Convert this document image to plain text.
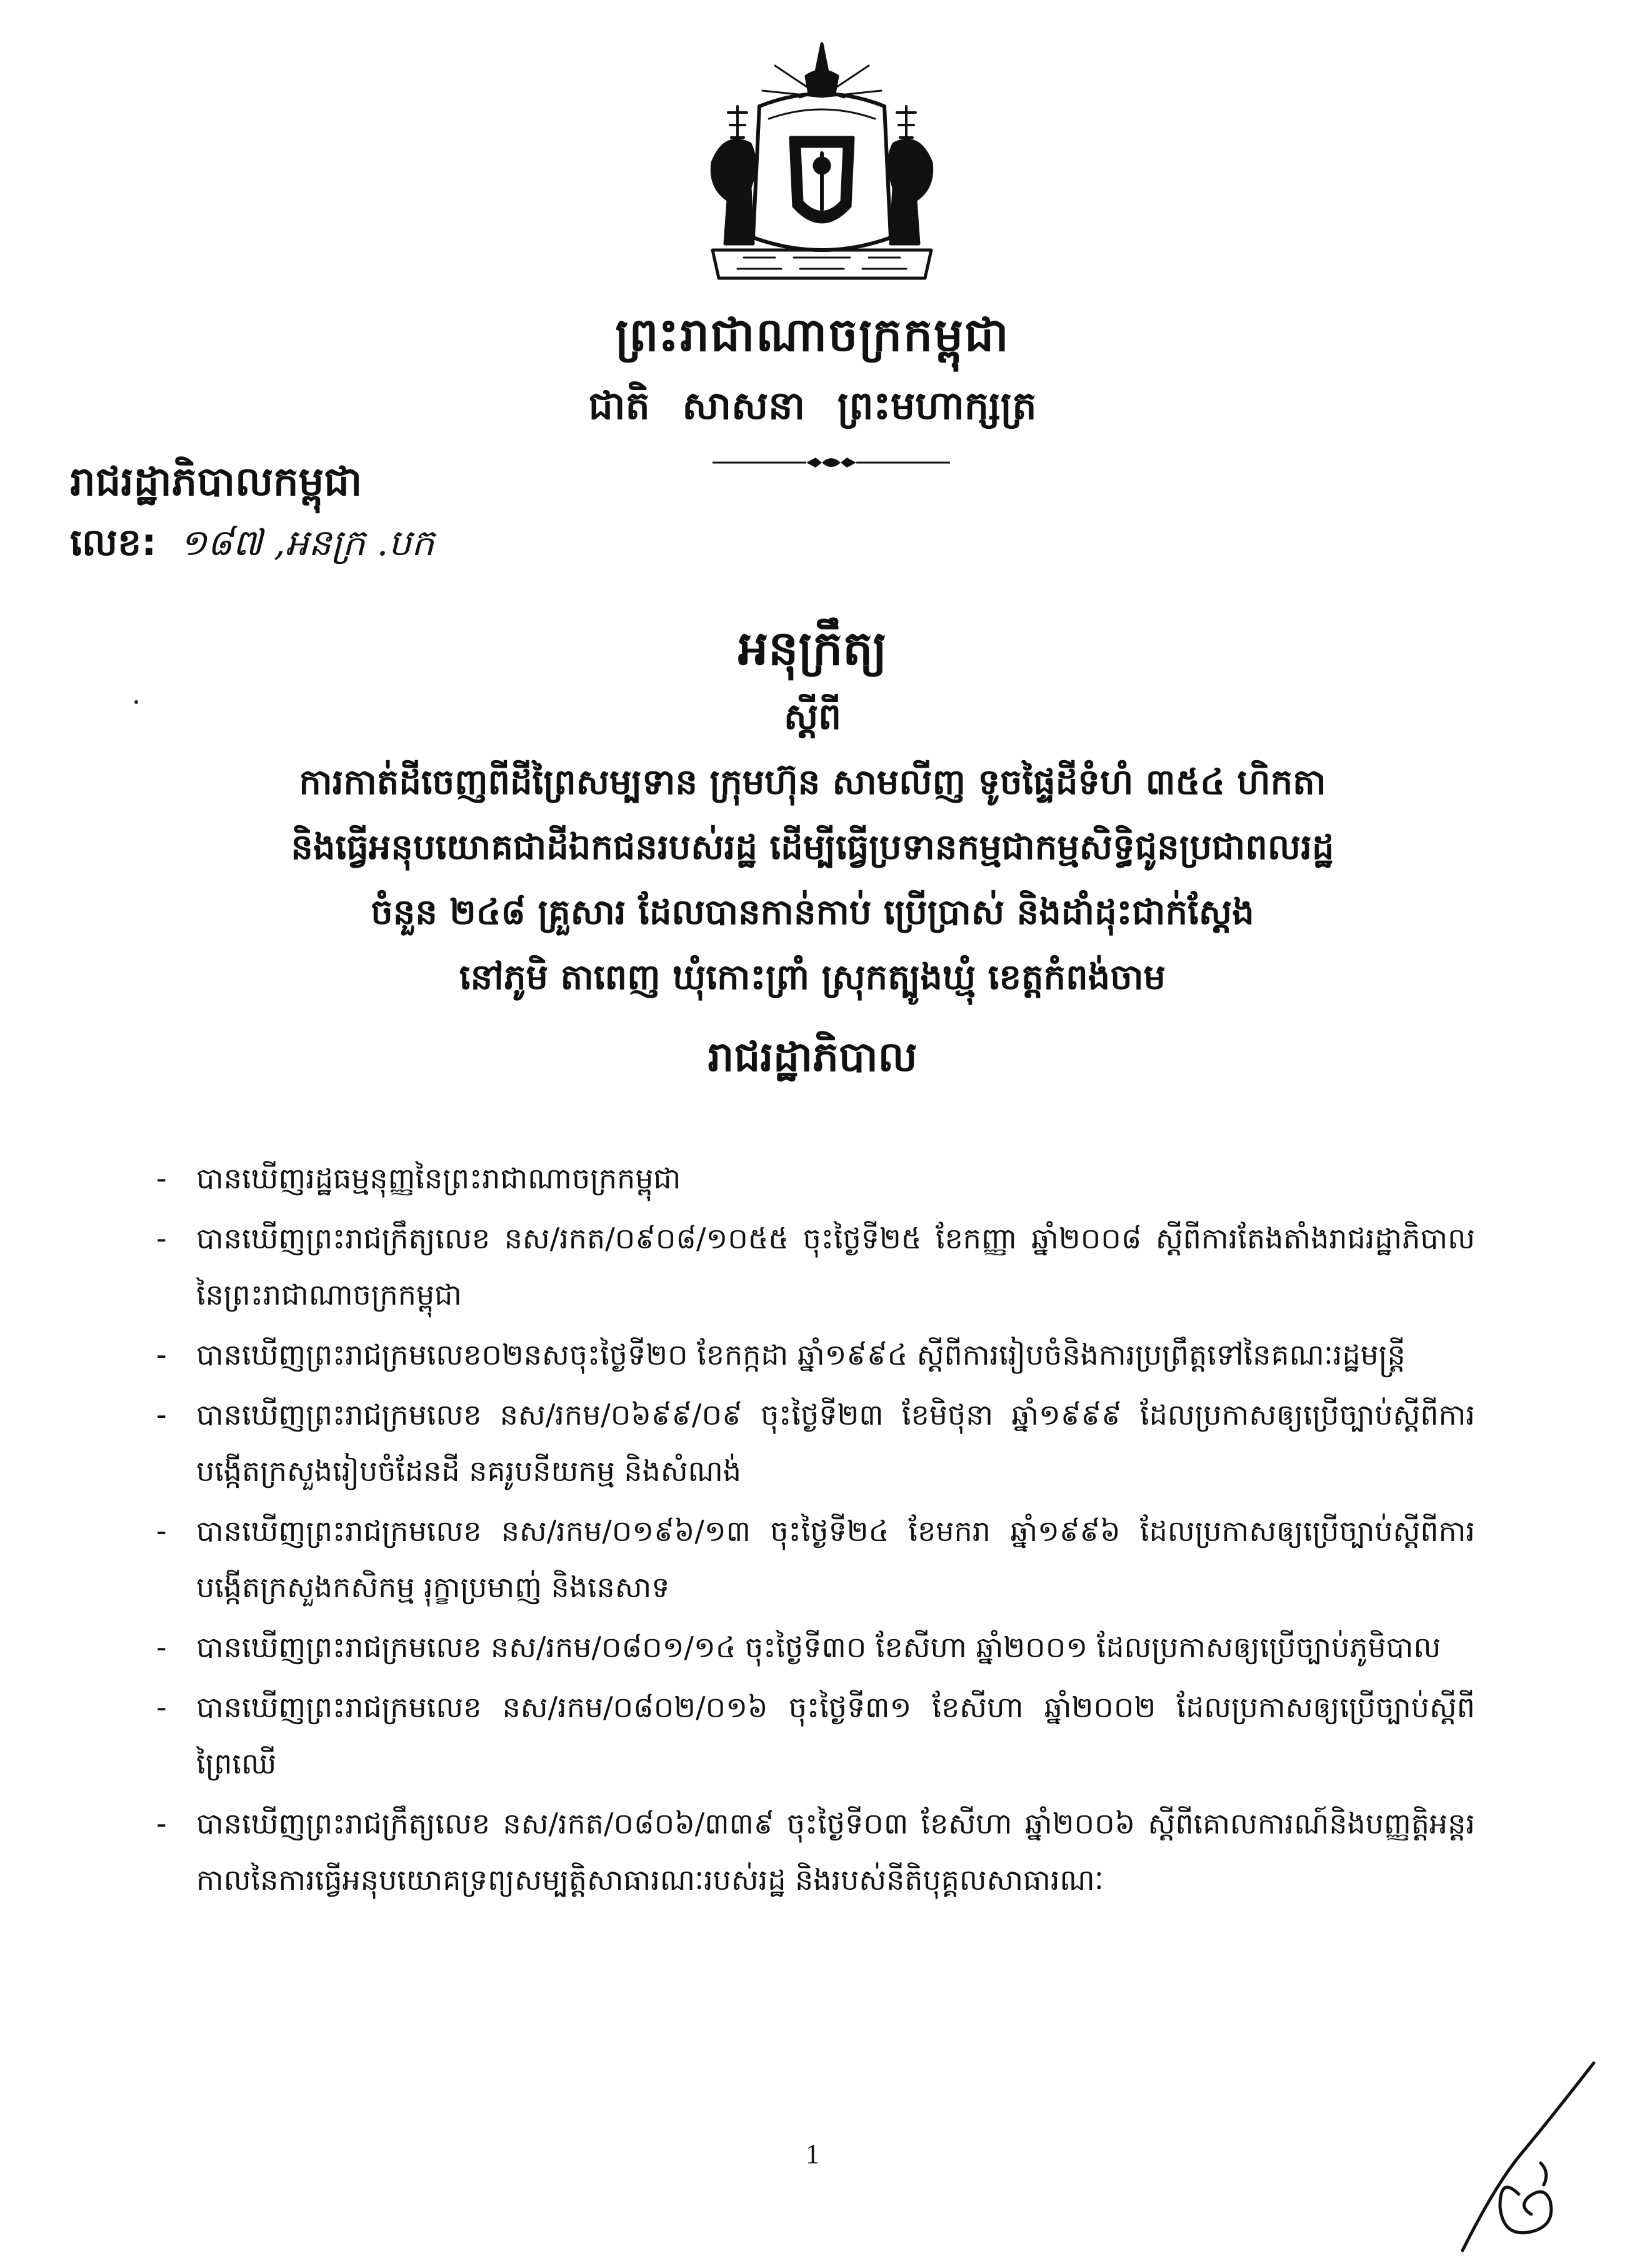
ព្រះរាជាណាចក្រកម្ពុជា
ជាតិ សាសនា ព្រះមហាក្សត្រ
រាជរដ្ឋាភិបាលកម្ពុជា
លេខ: ១៨៧ ,អនក្រ .បក
អនុក្រឹត្យ
ស្តីពី
ការកាត់ដីចេញពីដីព្រៃសម្បទាន ក្រុមហ៊ុន សាមលីញ ទូចផ្ទៃដីទំហំ ៣៥៤ ហិកតា
និងធ្វើអនុបយោគជាដីឯកជនរបស់រដ្ឋ ដើម្បីធ្វើប្រទានកម្មជាកម្មសិទ្ធិជូនប្រជាពលរដ្ឋ
ចំនួន ២៤៨ គ្រួសារ ដែលបានកាន់កាប់ ប្រើប្រាស់ និងដាំដុះជាក់ស្តែង
នៅភូមិ តាពេញ ឃុំកោះព្រាំ ស្រុកត្បូងឃ្មុំ ខេត្តកំពង់ចាម
រាជរដ្ឋាភិបាល
- បានឃើញរដ្ឋធម្មនុញ្ញនៃព្រះរាជាណាចក្រកម្ពុជា
- បានឃើញព្រះរាជក្រឹត្យលេខ នស/រកត/០៩០៨/១០៥៥ ចុះថ្ងៃទី២៥ ខែកញ្ញា ឆ្នាំ២០០៨ ស្តីពីការតែងតាំងរាជរដ្ឋាភិបាលនៃព្រះរាជាណាចក្រកម្ពុជា
- បានឃើញព្រះរាជក្រមលេខ០២នសចុះថ្ងៃទី២០ ខែកក្កដា ឆ្នាំ១៩៩៤ ស្តីពីការរៀបចំនិងការប្រព្រឹត្តទៅនៃគណៈរដ្ឋមន្ត្រី
- បានឃើញព្រះរាជក្រមលេខ នស/រកម/០៦៩៩/០៩ ចុះថ្ងៃទី២៣ ខែមិថុនា ឆ្នាំ១៩៩៩ ដែលប្រកាសឲ្យប្រើច្បាប់ស្តីពីការបង្កើតក្រសួងរៀបចំដែនដី នគរូបនីយកម្ម និងសំណង់
- បានឃើញព្រះរាជក្រមលេខ នស/រកម/០១៩៦/១៣ ចុះថ្ងៃទី២៤ ខែមករា ឆ្នាំ១៩៩៦ ដែលប្រកាសឲ្យប្រើច្បាប់ស្តីពីការបង្កើតក្រសួងកសិកម្ម រុក្ខាប្រមាញ់ និងនេសាទ
- បានឃើញព្រះរាជក្រមលេខ នស/រកម/០៨០១/១៤ ចុះថ្ងៃទី៣០ ខែសីហា ឆ្នាំ២០០១ ដែលប្រកាសឲ្យប្រើច្បាប់ភូមិបាល
- បានឃើញព្រះរាជក្រមលេខ នស/រកម/០៨០២/០១៦ ចុះថ្ងៃទី៣១ ខែសីហា ឆ្នាំ២០០២ ដែលប្រកាសឲ្យប្រើច្បាប់ស្តីពីព្រៃឈើ
- បានឃើញព្រះរាជក្រឹត្យលេខ នស/រកត/០៨០៦/៣៣៩ ចុះថ្ងៃទី០៣ ខែសីហា ឆ្នាំ២០០៦ ស្តីពីគោលការណ៍និងបញ្ញត្តិអន្តរកាលនៃការធ្វើអនុបយោគទ្រព្យសម្បត្តិសាធារណៈរបស់រដ្ឋ និងរបស់នីតិបុគ្គលសាធារណៈ
1
